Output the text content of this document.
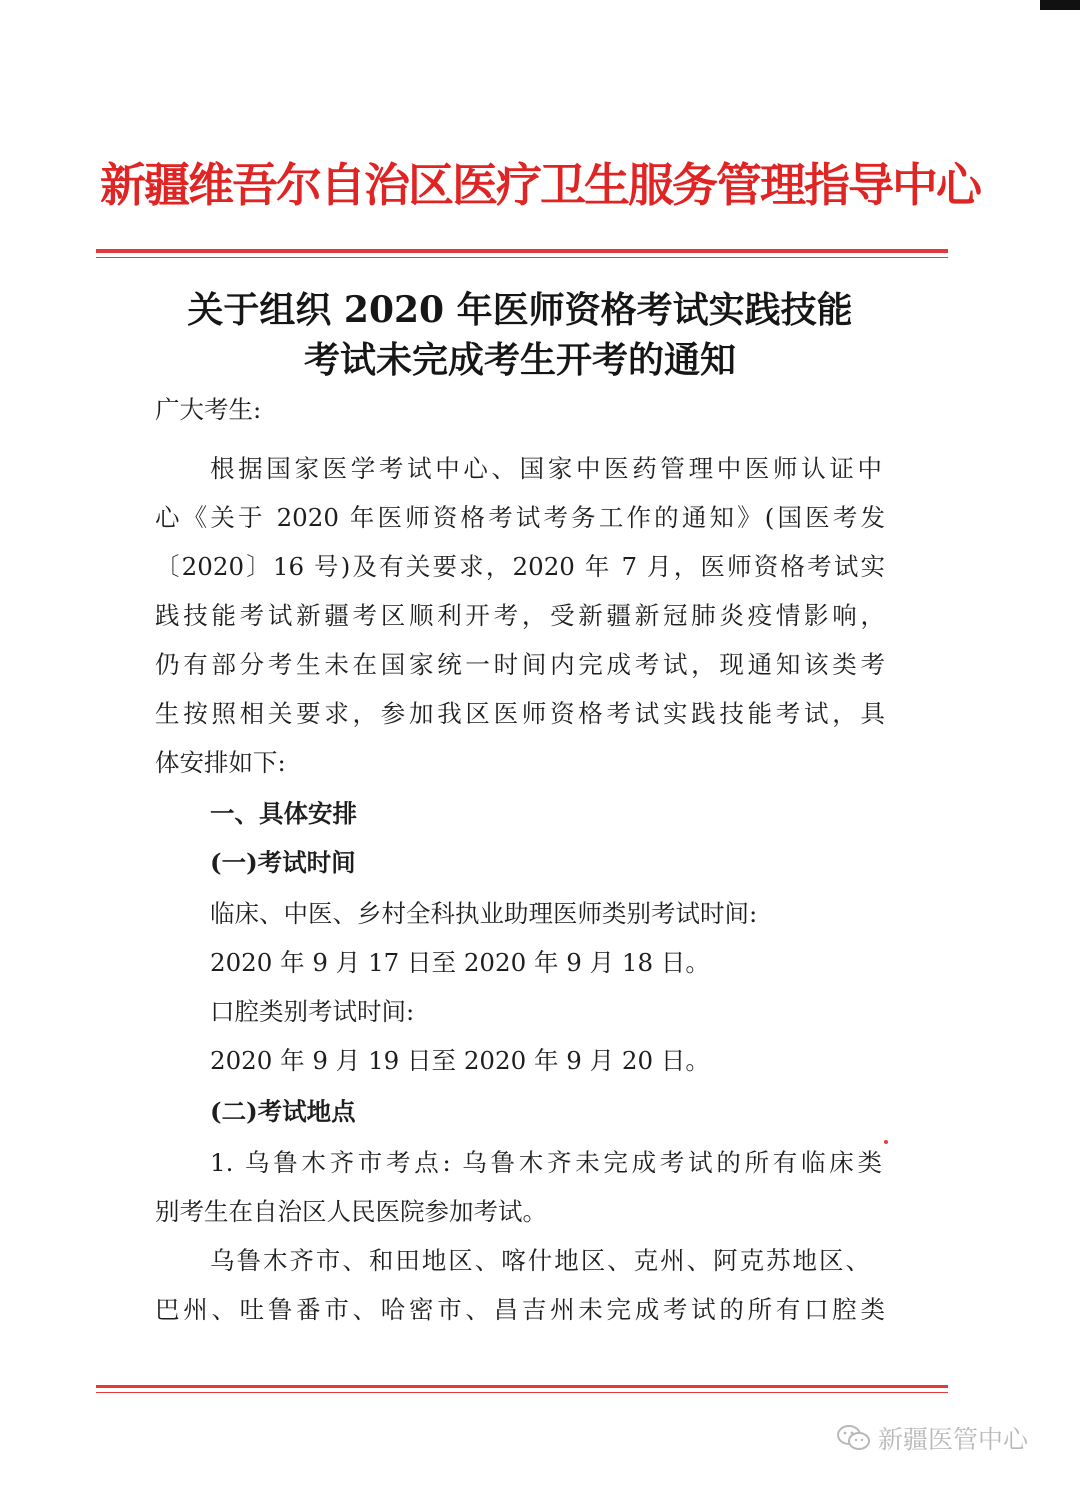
新疆维吾尔自治区医疗卫生服务管理指导中心
关于组织 2020 年医师资格考试实践技能
考试未完成考生开考的通知
广大考生:
根据国家医学考试中心、国家中医药管理中医师认证中
心《关于 2020 年医师资格考试考务工作的通知》(国医考发
〔2020〕16 号)及有关要求，2020 年 7 月，医师资格考试实
践技能考试新疆考区顺利开考，受新疆新冠肺炎疫情影响，
仍有部分考生未在国家统一时间内完成考试，现通知该类考
生按照相关要求，参加我区医师资格考试实践技能考试，具
体安排如下:
一、具体安排
(一)考试时间
临床、中医、乡村全科执业助理医师类别考试时间:
2020 年 9 月 17 日至 2020 年 9 月 18 日。
口腔类别考试时间:
2020 年 9 月 19 日至 2020 年 9 月 20 日。
(二)考试地点
1. 乌鲁木齐市考点: 乌鲁木齐未完成考试的所有临床类
别考生在自治区人民医院参加考试。
乌鲁木齐市、和田地区、喀什地区、克州、阿克苏地区、
巴州、吐鲁番市、哈密市、昌吉州未完成考试的所有口腔类
新疆医管中心
